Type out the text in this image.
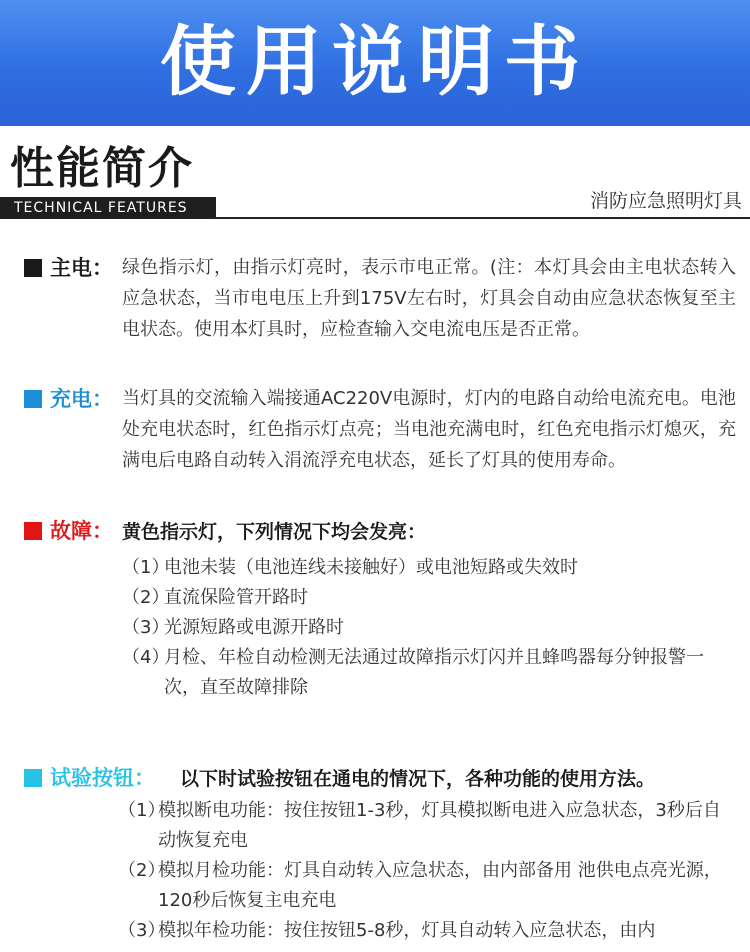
使用说明书
性能简介
TECHNICAL FEATURES	消防应急照明灯具
主电： 绿色指示灯，由指示灯亮时，表示市电正常。(注：本灯具会由主电状态转入应急状态，当市电电压上升到175V左右时，灯具会自动由应急状态恢复至主电状态。使用本灯具时，应检查输入交电流电压是否正常。
充电： 当灯具的交流输入端接通AC220V电源时，灯内的电路自动给电流充电。电池处充电状态时，红色指示灯点亮；当电池充满电时，红色充电指示灯熄灭，充满电后电路自动转入涓流浮充电状态，延长了灯具的使用寿命。
故障： 黄色指示灯，下列情况下均会发亮：
（1）
电池未装（电池连线未接触好）或电池短路或失效时
（2）
直流保险管开路时
（3）
光源短路或电源开路时
（4）
月检、年检自动检测无法通过故障指示灯闪并且蜂鸣器每分钟报警一次，直至故障排除
试验按钮： 以下时试验按钮在通电的情况下，各种功能的使用方法。
（1）
模拟断电功能：按住按钮1-3秒，灯具模拟断电进入应急状态，3秒后自动恢复充电
（2）
模拟月检功能：灯具自动转入应急状态，由内部备用 池供电点亮光源，120秒后恢复主电充电
（3）
模拟年检功能：按住按钮5-8秒，灯具自动转入应急状态，由内
